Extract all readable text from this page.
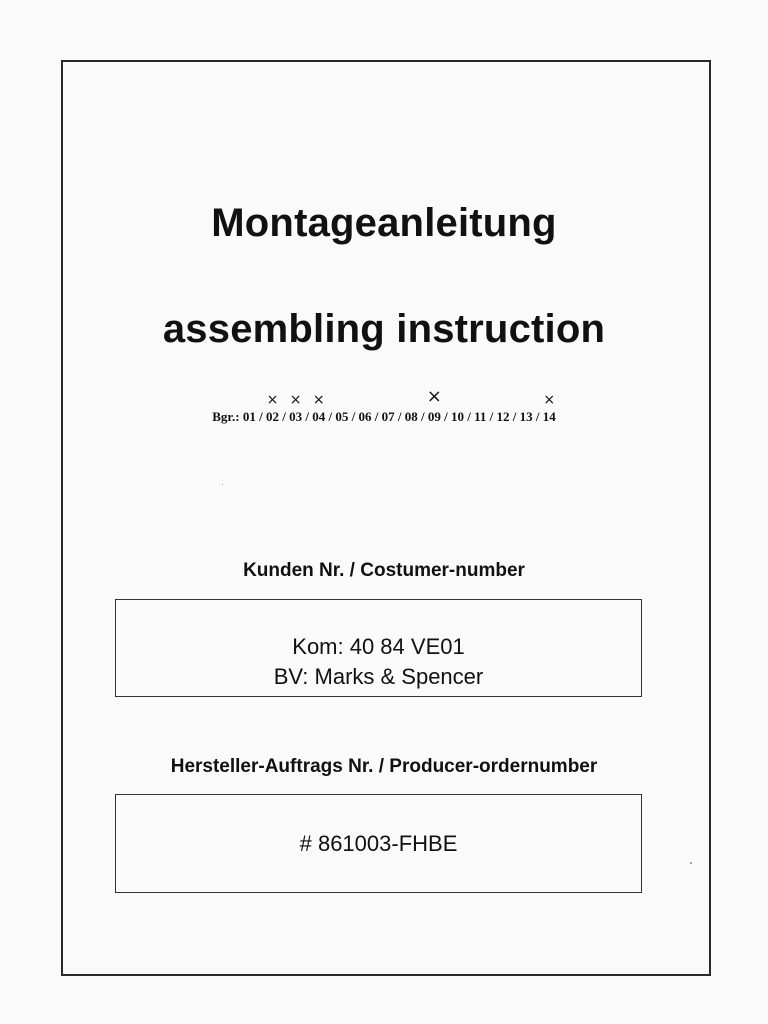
Montageanleitung
assembling instruction
Bgr.: 01 / 02
×
/ 03
×
/ 04
×
/ 05 / 06 / 07 / 08 / 09
×
/ 10 / 11 / 12 / 13 / 14
×
Kunden Nr. / Costumer-number
Kom: 40 84 VE01
BV: Marks & Spencer
Hersteller-Auftrags Nr. / Producer-ordernumber
# 861003-FHBE
